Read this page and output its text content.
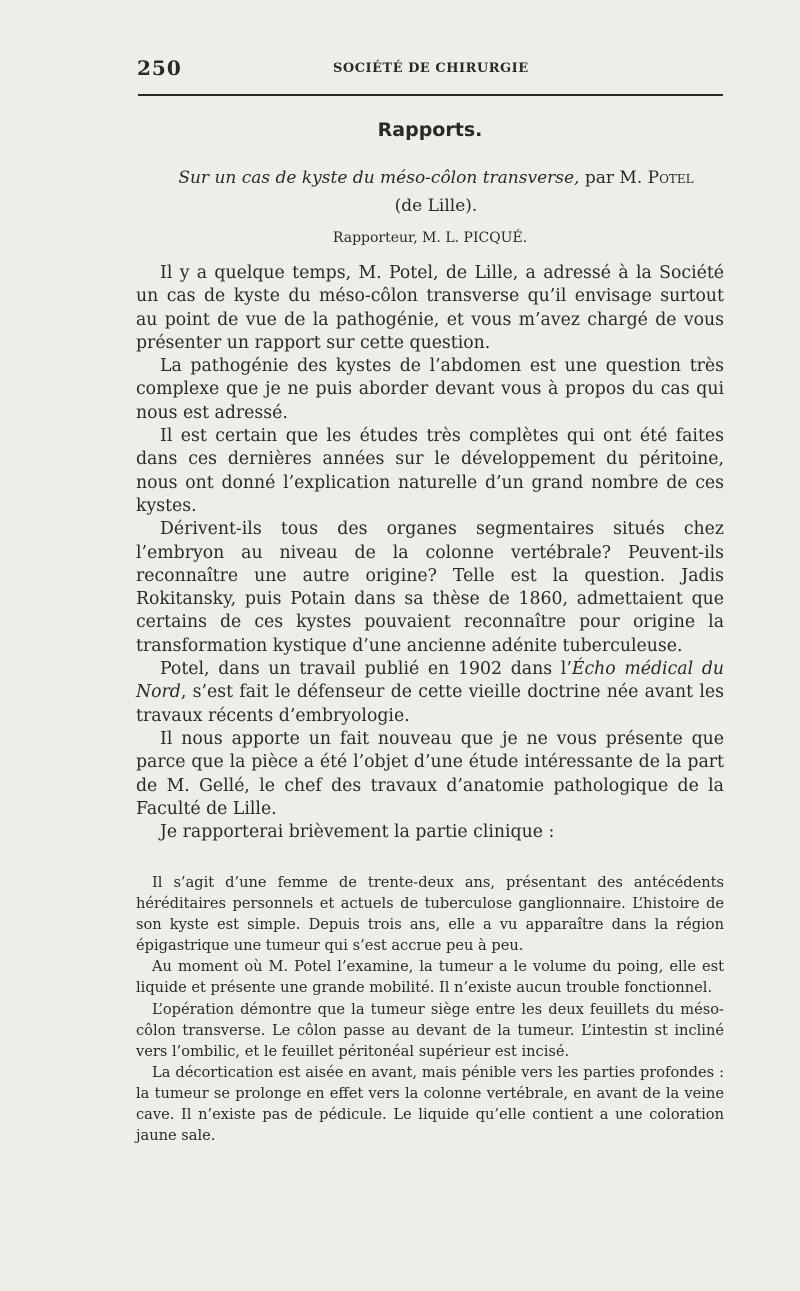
250	SOCIÉTÉ DE CHIRURGIE
Rapports.
Sur un cas de kyste du méso-côlon transverse, par M. Potel
(de Lille).
Rapporteur, M. L. PICQUÉ.

Il y a quelque temps, M. Potel, de Lille, a adressé à la Société un cas de kyste du méso-côlon transverse qu’il envisage surtout au point de vue de la pathogénie, et vous m’avez chargé de vous présenter un rapport sur cette question.

La pathogénie des kystes de l’abdomen est une question très complexe que je ne puis aborder devant vous à propos du cas qui nous est adressé.

Il est certain que les études très complètes qui ont été faites dans ces dernières années sur le développement du péritoine, nous ont donné l’explication naturelle d’un grand nombre de ces kystes.

Dérivent-ils tous des organes segmentaires situés chez l’embryon au niveau de la colonne vertébrale? Peuvent-ils reconnaître une autre origine? Telle est la question. Jadis Rokitansky, puis Potain dans sa thèse de 1860, admettaient que certains de ces kystes pouvaient reconnaître pour origine la transformation kystique d’une ancienne adénite tuberculeuse.

Potel, dans un travail publié en 1902 dans l’Écho médical du Nord, s’est fait le défenseur de cette vieille doctrine née avant les travaux récents d’embryologie.

Il nous apporte un fait nouveau que je ne vous présente que parce que la pièce a été l’objet d’une étude intéressante de la part de M. Gellé, le chef des travaux d’anatomie pathologique de la Faculté de Lille.

Je rapporterai brièvement la partie clinique :

Il s’agit d’une femme de trente-deux ans, présentant des antécédents héréditaires personnels et actuels de tuberculose ganglionnaire. L’histoire de son kyste est simple. Depuis trois ans, elle a vu apparaître dans la région épigastrique une tumeur qui s’est accrue peu à peu.

Au moment où M. Potel l’examine, la tumeur a le volume du poing, elle est liquide et présente une grande mobilité. Il n’existe aucun trouble fonctionnel.

L’opération démontre que la tumeur siège entre les deux feuillets du méso-côlon transverse. Le côlon passe au devant de la tumeur. L’intestin st incliné vers l’ombilic, et le feuillet péritonéal supérieur est incisé.

La décortication est aisée en avant, mais pénible vers les parties profondes : la tumeur se prolonge en effet vers la colonne vertébrale, en avant de la veine cave. Il n’existe pas de pédicule. Le liquide qu’elle contient a une coloration jaune sale.
